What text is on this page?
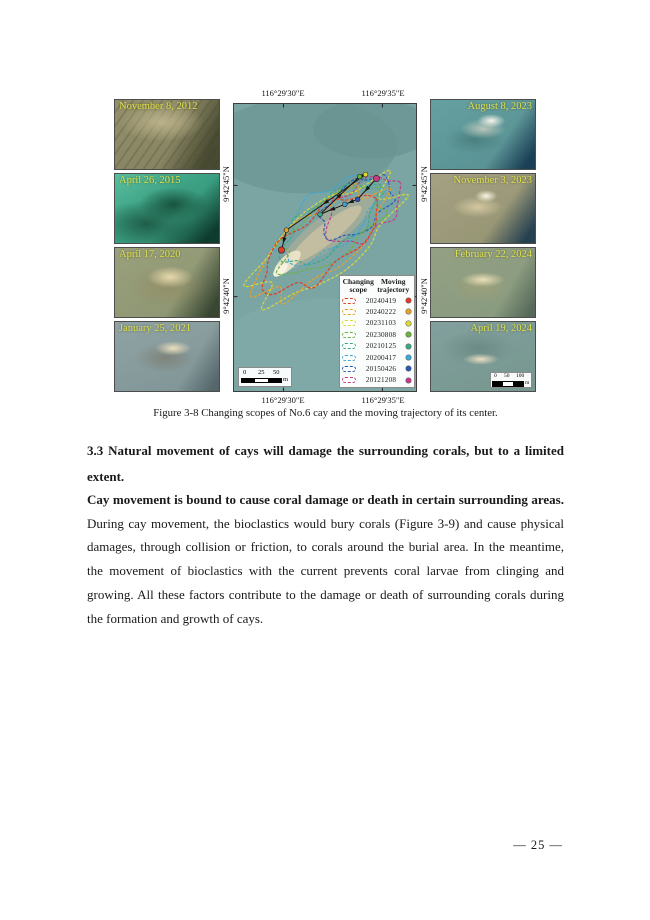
November 8, 2012
April 26, 2015
April 17, 2020
January 25, 2021
August 8, 2023
November 3, 2023
February 22, 2024
April 19, 2024
0 50 100
m
116°29'30"E	116°29'35"E
116°29'30"E	116°29'35"E
9°42'45"N
9°42'40"N
9°42'45"N
9°42'40"N
0 25 50
m
Changing scope
Moving trajectory
20240419
20240222
20231103
20230808
20210125
20200417
20150426
20121208
Figure 3-8 Changing scopes of No.6 cay and the moving trajectory of its center.
3.3 Natural movement of cays will damage the surrounding corals, but to a limited extent.

Cay movement is bound to cause coral damage or death in certain surrounding areas. During cay movement, the bioclastics would bury corals (Figure 3-9) and cause physical damages, through collision or friction, to corals around the burial area. In the meantime, the movement of bioclastics with the current prevents coral larvae from clinging and growing. All these factors contribute to the damage or death of surrounding corals during the formation and growth of cays.

— 25 —
